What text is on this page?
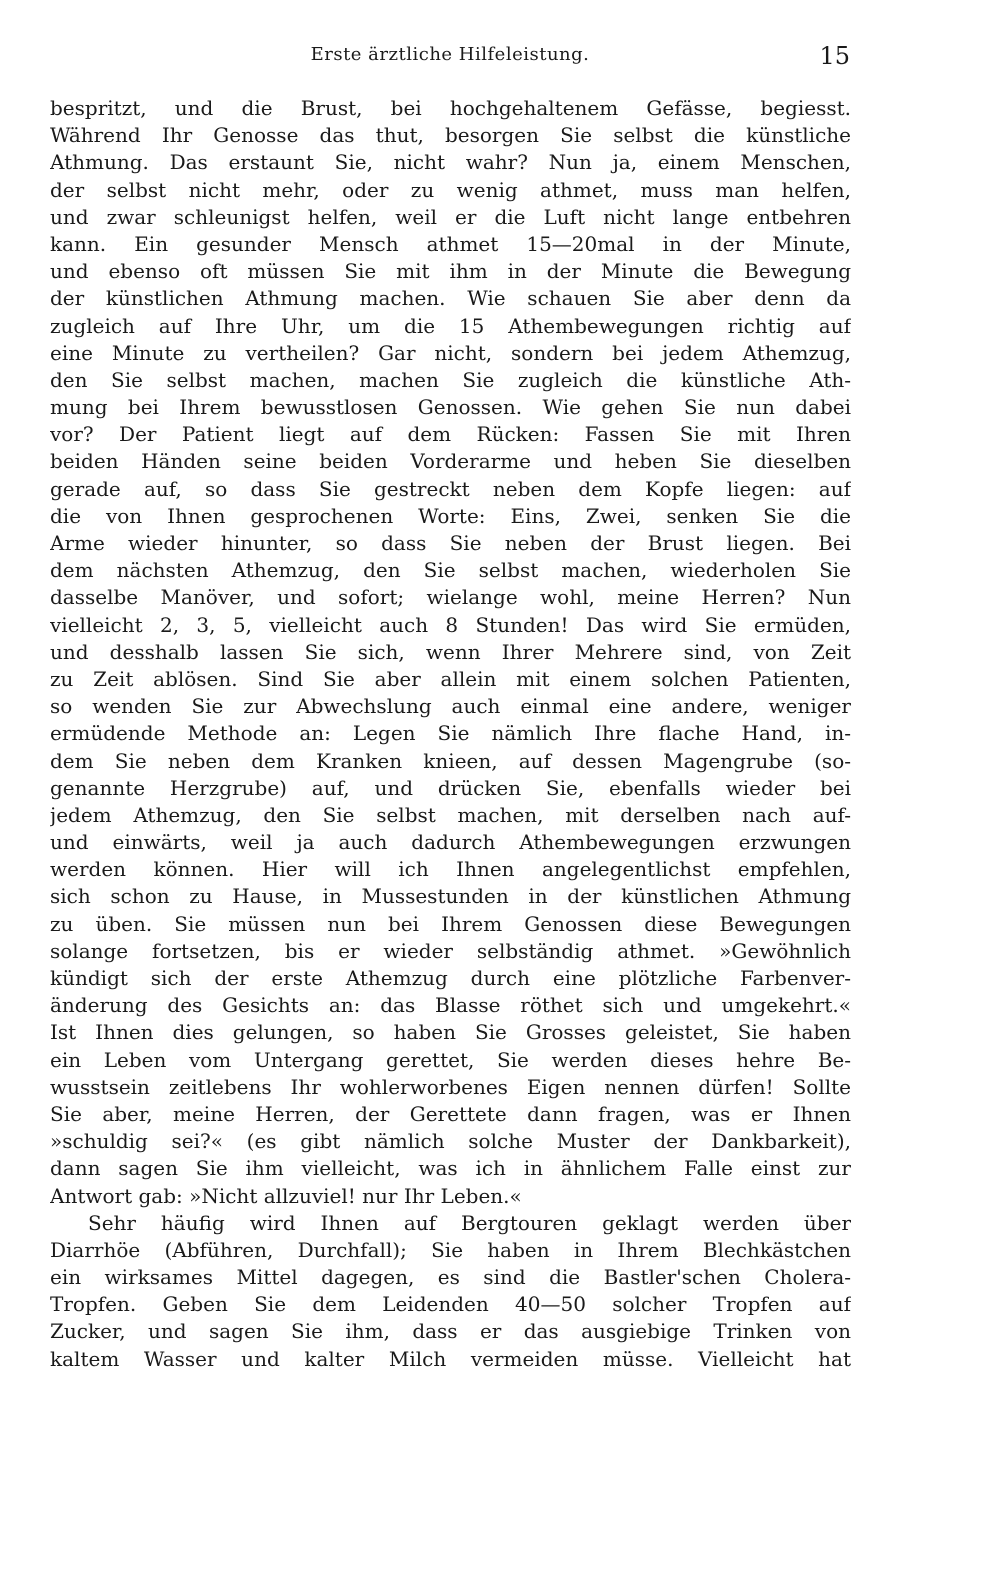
Erste ärztliche Hilfeleistung.	15
bespritzt, und die Brust, bei hochgehaltenem Gefässe, begiesst.
Während Ihr Genosse das thut, besorgen Sie selbst die künstliche
Athmung. Das erstaunt Sie, nicht wahr? Nun ja, einem Menschen,
der selbst nicht mehr, oder zu wenig athmet, muss man helfen,
und zwar schleunigst helfen, weil er die Luft nicht lange entbehren
kann. Ein gesunder Mensch athmet 15—20mal in der Minute,
und ebenso oft müssen Sie mit ihm in der Minute die Bewegung
der künstlichen Athmung machen. Wie schauen Sie aber denn da
zugleich auf Ihre Uhr, um die 15 Athembewegungen richtig auf
eine Minute zu vertheilen? Gar nicht, sondern bei jedem Athemzug,
den Sie selbst machen, machen Sie zugleich die künstliche Ath-
mung bei Ihrem bewusstlosen Genossen. Wie gehen Sie nun dabei
vor? Der Patient liegt auf dem Rücken: Fassen Sie mit Ihren
beiden Händen seine beiden Vorderarme und heben Sie dieselben
gerade auf, so dass Sie gestreckt neben dem Kopfe liegen: auf
die von Ihnen gesprochenen Worte: Eins, Zwei, senken Sie die
Arme wieder hinunter, so dass Sie neben der Brust liegen. Bei
dem nächsten Athemzug, den Sie selbst machen, wiederholen Sie
dasselbe Manöver, und sofort; wielange wohl, meine Herren? Nun
vielleicht 2, 3, 5, vielleicht auch 8 Stunden! Das wird Sie ermüden,
und desshalb lassen Sie sich, wenn Ihrer Mehrere sind, von Zeit
zu Zeit ablösen. Sind Sie aber allein mit einem solchen Patienten,
so wenden Sie zur Abwechslung auch einmal eine andere, weniger
ermüdende Methode an: Legen Sie nämlich Ihre flache Hand, in-
dem Sie neben dem Kranken knieen, auf dessen Magengrube (so-
genannte Herzgrube) auf, und drücken Sie, ebenfalls wieder bei
jedem Athemzug, den Sie selbst machen, mit derselben nach auf-
und einwärts, weil ja auch dadurch Athembewegungen erzwungen
werden können. Hier will ich Ihnen angelegentlichst empfehlen,
sich schon zu Hause, in Mussestunden in der künstlichen Athmung
zu üben. Sie müssen nun bei Ihrem Genossen diese Bewegungen
solange fortsetzen, bis er wieder selbständig athmet. »Gewöhnlich
kündigt sich der erste Athemzug durch eine plötzliche Farbenver-
änderung des Gesichts an: das Blasse röthet sich und umgekehrt.«
Ist Ihnen dies gelungen, so haben Sie Grosses geleistet, Sie haben
ein Leben vom Untergang gerettet, Sie werden dieses hehre Be-
wusstsein zeitlebens Ihr wohlerworbenes Eigen nennen dürfen! Sollte
Sie aber, meine Herren, der Gerettete dann fragen, was er Ihnen
»schuldig sei?« (es gibt nämlich solche Muster der Dankbarkeit),
dann sagen Sie ihm vielleicht, was ich in ähnlichem Falle einst zur
Antwort gab: »Nicht allzuviel! nur Ihr Leben.«
Sehr häufig wird Ihnen auf Bergtouren geklagt werden über
Diarrhöe (Abführen, Durchfall); Sie haben in Ihrem Blechkästchen
ein wirksames Mittel dagegen, es sind die Bastler'schen Cholera-
Tropfen. Geben Sie dem Leidenden 40—50 solcher Tropfen auf
Zucker, und sagen Sie ihm, dass er das ausgiebige Trinken von
kaltem Wasser und kalter Milch vermeiden müsse. Vielleicht hat
